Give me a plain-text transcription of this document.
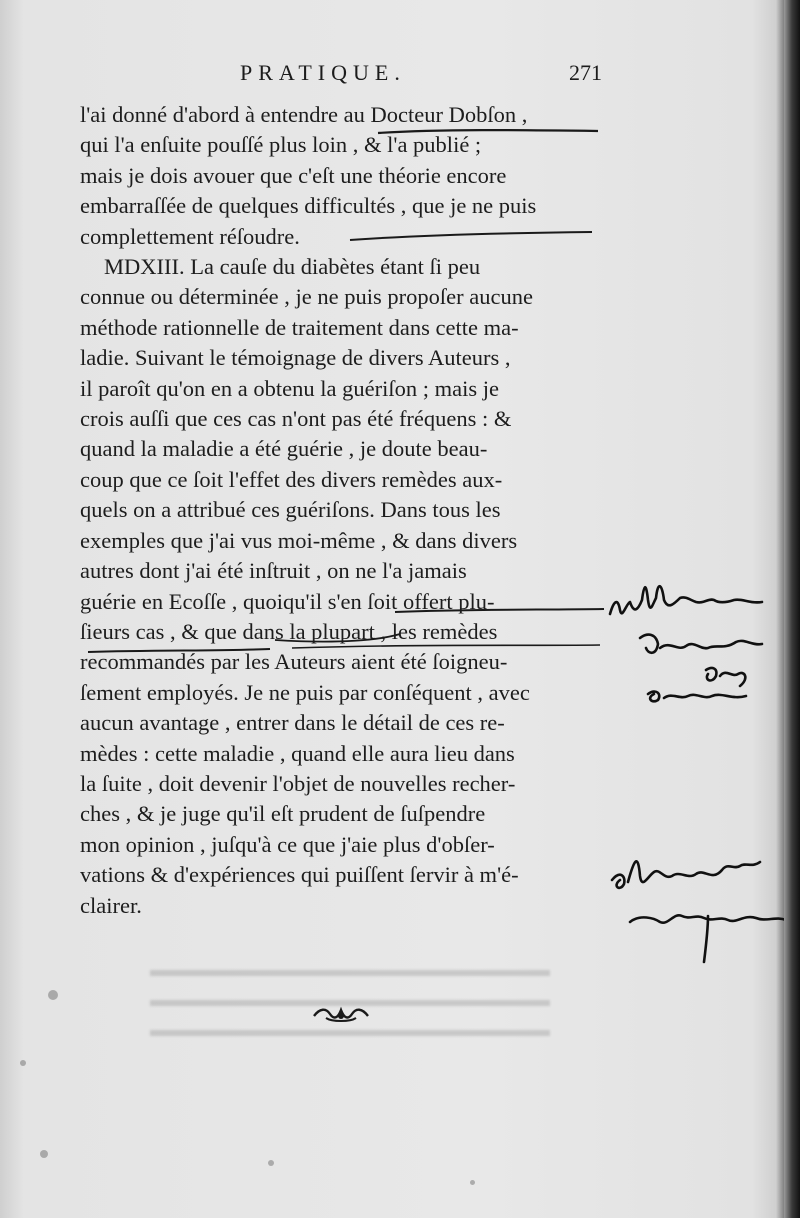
PRATIQUE.	271

l'ai donné d'abord à entendre au Docteur Dobſon ,

qui l'a enſuite pouſſé plus loin , & l'a publié ;

mais je dois avouer que c'eſt une théorie encore

embarraſſée de quelques difficultés , que je ne puis

complettement réſoudre.

MDXIII. La cauſe du diabètes étant ſi peu

connue ou déterminée , je ne puis propoſer aucune

méthode rationnelle de traitement dans cette ma-

ladie. Suivant le témoignage de divers Auteurs ,

il paroît qu'on en a obtenu la guériſon ; mais je

crois auſſi que ces cas n'ont pas été fréquens : &

quand la maladie a été guérie , je doute beau-

coup que ce ſoit l'effet des divers remèdes aux-

quels on a attribué ces guériſons. Dans tous les

exemples que j'ai vus moi-même , & dans divers

autres dont j'ai été inſtruit , on ne l'a jamais

guérie en Ecoſſe , quoiqu'il s'en ſoit offert plu-

ſieurs cas , & que dans la plupart , les remèdes

recommandés par les Auteurs aient été ſoigneu-

ſement employés. Je ne puis par conſéquent , avec

aucun avantage , entrer dans le détail de ces re-

mèdes : cette maladie , quand elle aura lieu dans

la ſuite , doit devenir l'objet de nouvelles recher-

ches , & je juge qu'il eſt prudent de ſuſpendre

mon opinion , juſqu'à ce que j'aie plus d'obſer-

vations & d'expériences qui puiſſent ſervir à m'é-

clairer.

▬▬▬▬▬▬▬▬▬▬▬▬▬▬▬▬▬▬▬▬
▬▬▬▬▬▬▬▬▬▬▬▬▬▬▬▬▬▬▬▬
▬▬▬▬▬▬▬▬▬▬▬▬▬▬▬▬▬▬▬▬
